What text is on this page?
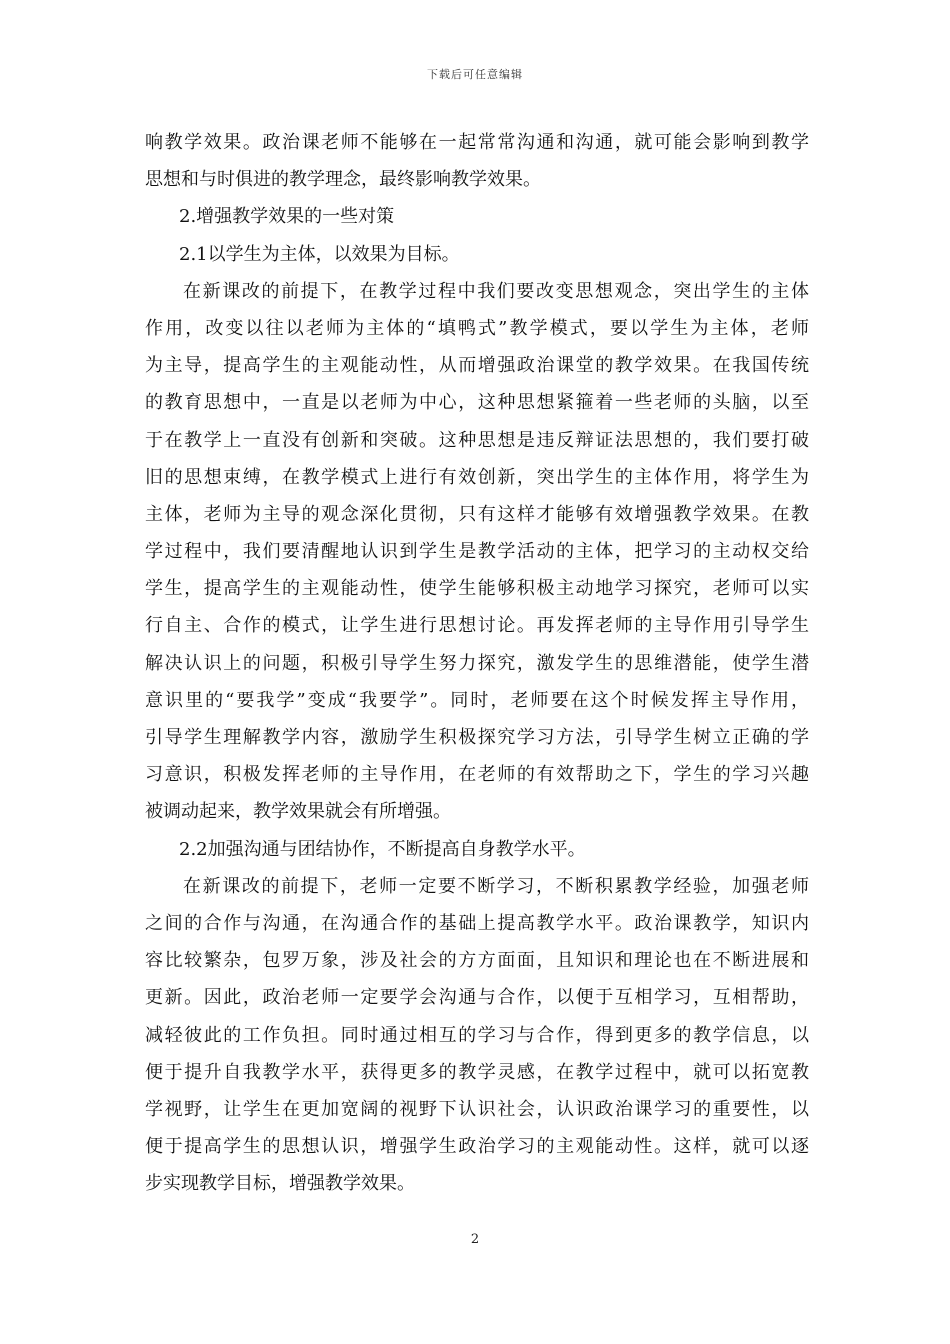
下载后可任意编辑
响教学效果。政治课老师不能够在一起常常沟通和沟通，就可能会影响到教学
思想和与时俱进的教学理念，最终影响教学效果。
2.增强教学效果的一些对策
2.1以学生为主体，以效果为目标。
在新课改的前提下，在教学过程中我们要改变思想观念，突出学生的主体
作用，改变以往以老师为主体的“填鸭式”教学模式，要以学生为主体，老师
为主导，提高学生的主观能动性，从而增强政治课堂的教学效果。在我国传统
的教育思想中，一直是以老师为中心，这种思想紧箍着一些老师的头脑，以至
于在教学上一直没有创新和突破。这种思想是违反辩证法思想的，我们要打破
旧的思想束缚，在教学模式上进行有效创新，突出学生的主体作用，将学生为
主体，老师为主导的观念深化贯彻，只有这样才能够有效增强教学效果。在教
学过程中，我们要清醒地认识到学生是教学活动的主体，把学习的主动权交给
学生，提高学生的主观能动性，使学生能够积极主动地学习探究，老师可以实
行自主、合作的模式，让学生进行思想讨论。再发挥老师的主导作用引导学生
解决认识上的问题，积极引导学生努力探究，激发学生的思维潜能，使学生潜
意识里的“要我学”变成“我要学”。同时，老师要在这个时候发挥主导作用，
引导学生理解教学内容，激励学生积极探究学习方法，引导学生树立正确的学
习意识，积极发挥老师的主导作用，在老师的有效帮助之下，学生的学习兴趣
被调动起来，教学效果就会有所增强。
2.2加强沟通与团结协作，不断提高自身教学水平。
在新课改的前提下，老师一定要不断学习，不断积累教学经验，加强老师
之间的合作与沟通，在沟通合作的基础上提高教学水平。政治课教学，知识内
容比较繁杂，包罗万象，涉及社会的方方面面，且知识和理论也在不断进展和
更新。因此，政治老师一定要学会沟通与合作，以便于互相学习，互相帮助，
减轻彼此的工作负担。同时通过相互的学习与合作，得到更多的教学信息，以
便于提升自我教学水平，获得更多的教学灵感，在教学过程中，就可以拓宽教
学视野，让学生在更加宽阔的视野下认识社会，认识政治课学习的重要性，以
便于提高学生的思想认识，增强学生政治学习的主观能动性。这样，就可以逐
步实现教学目标，增强教学效果。
2
